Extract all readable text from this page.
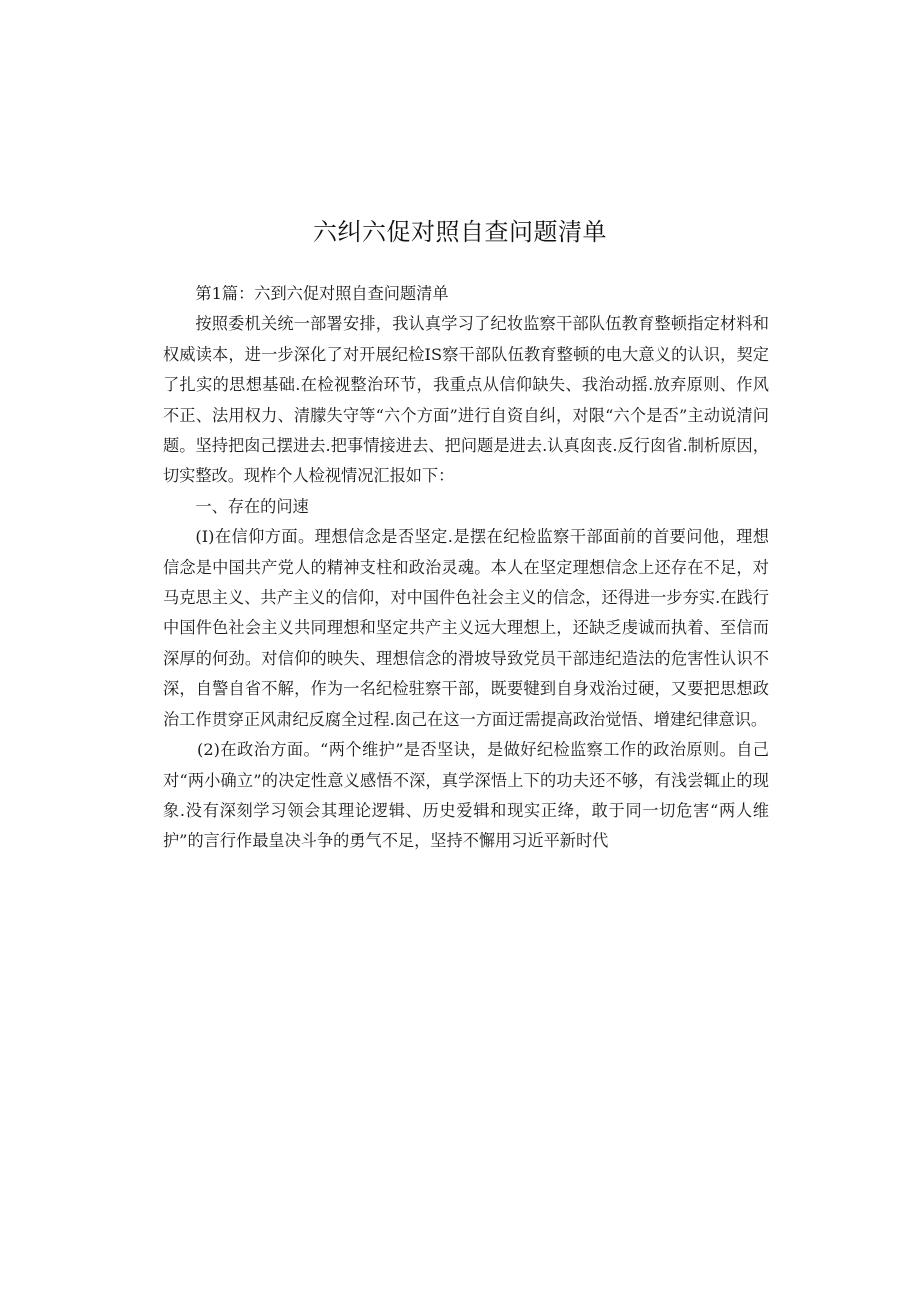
六纠六促对照自查问题清单

第1篇：六到六促对照自查问题清单

按照委机关统一部署安排，我认真学习了纪妆监察干部队伍教育整顿指定材料和权威读本，进一步深化了对开展纪检IS察干部队伍教育整顿的电大意义的认识，契定了扎实的思想基础.在检视整治环节，我重点从信仰缺失、我治动摇.放弃原则、作风不正、法用权力、清朦失守等“六个方面”进行自资自纠，对限“六个是否”主动说清问题。坚持把囱己摆进去.把事情接进去、把问题是进去.认真囱丧.反行囱省.制析原因，切实整改。现柞个人检视情况汇报如下：

一、存在的问速

(I)在信仰方面。理想信念是否坚定.是摆在纪检监察干部面前的首要问他，理想信念是中国共产党人的精神支柱和政治灵魂。本人在坚定理想信念上还存在不足，对马克思主义、共产主义的信仰，对中国件色社会主义的信念，还得进一步夯实.在践行中国件色社会主义共同理想和坚定共产主义远大理想上，还缺乏虔诚而执着、至信而深厚的何劲。对信仰的映失、理想信念的滑坡导致党员干部违纪造法的危害性认识不深，自警自省不解，作为一名纪检驻察干部，既要犍到自身戏治过硬，又要把思想政治工作贯穿正风肃纪反腐全过程.囱己在这一方面迂需提高政治觉悟、增建纪律意识。

(2)在政治方面。“两个维护”是否坚诀，是做好纪检监察工作的政治原则。自己对“两小确立”的决定性意义感悟不深，真学深悟上下的功夫还不够，有浅尝辄止的现象.没有深刻学习领会其理论逻辑、历史爱辑和现实正绛，敢于同一切危害“两人维护”的言行作最皇决斗争的勇气不足，坚持不懈用习近平新时代
